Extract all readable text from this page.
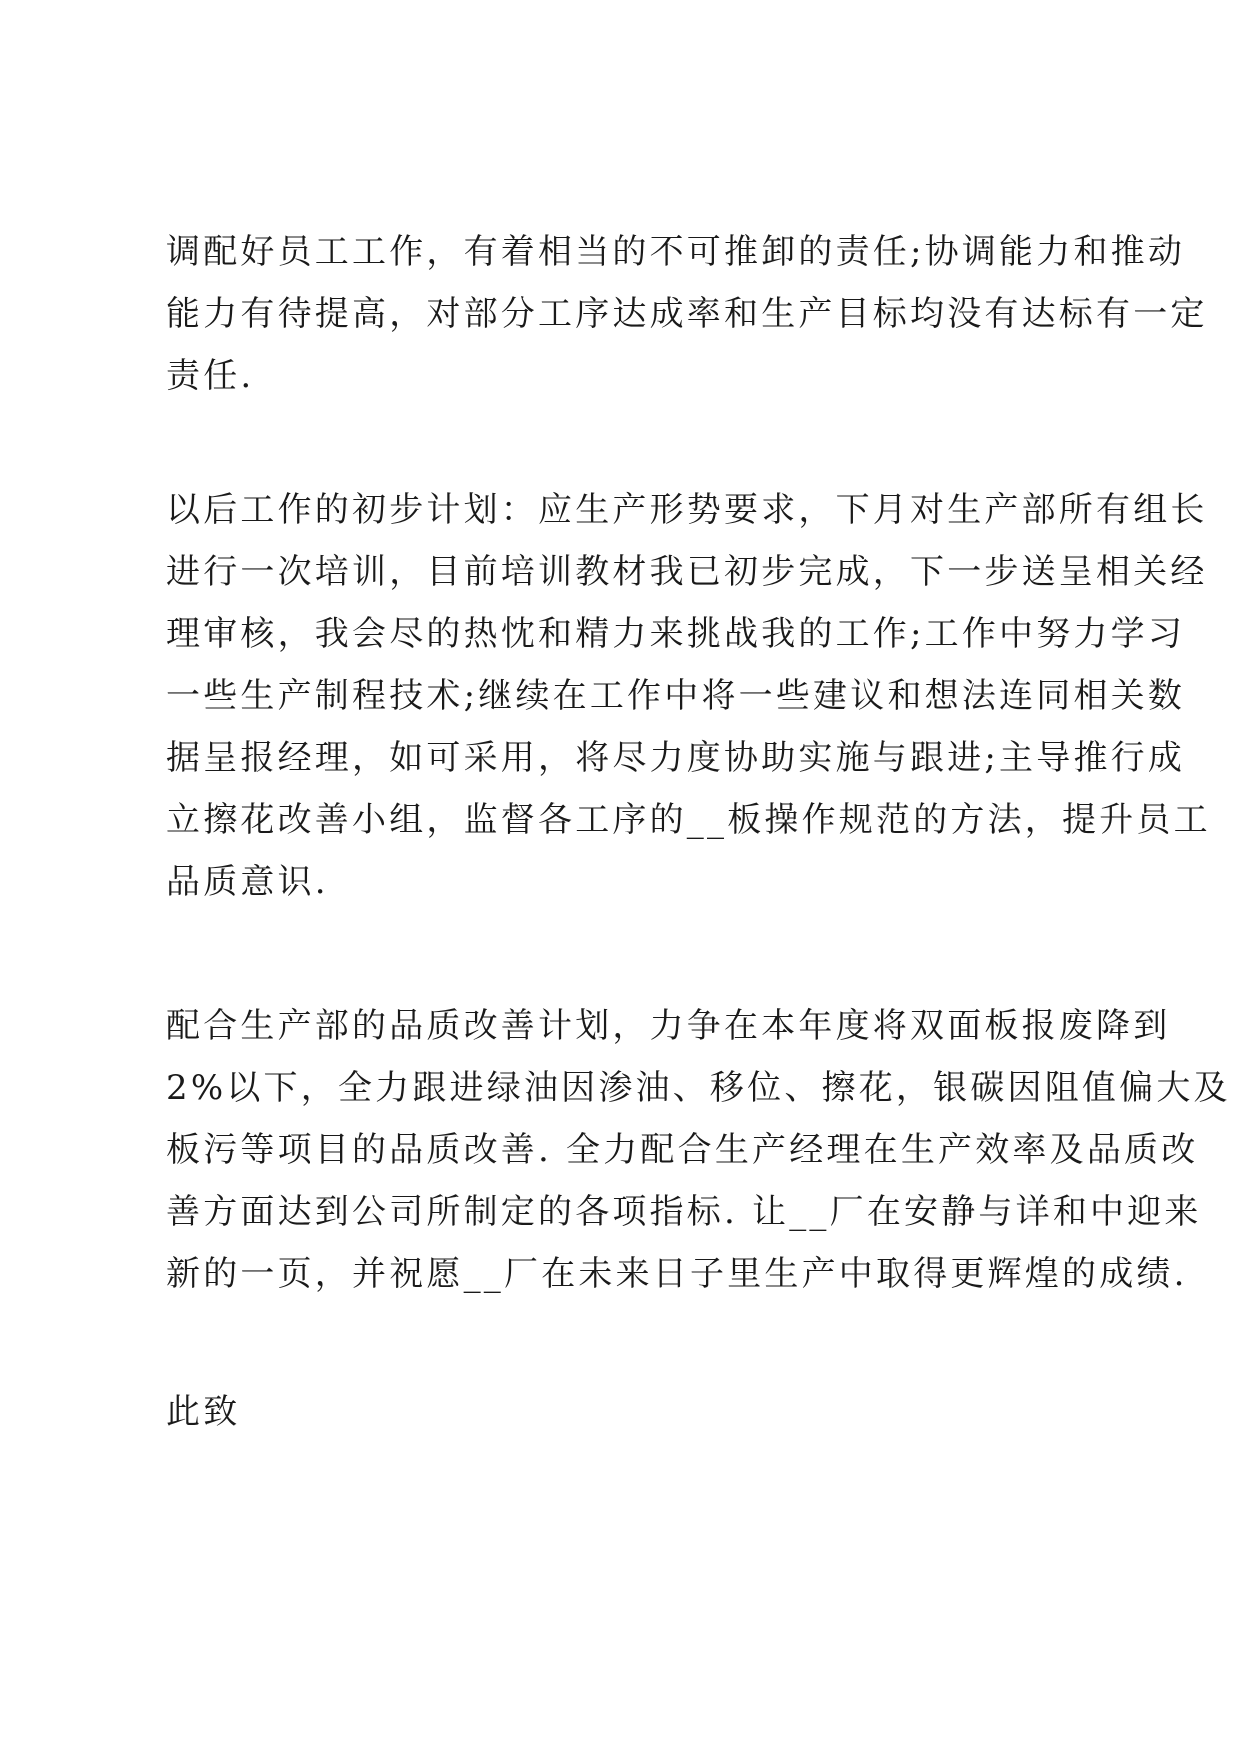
调配好员工工作，有着相当的不可推卸的责任;协调能力和推动
能力有待提高，对部分工序达成率和生产目标均没有达标有一定
责任.
以后工作的初步计划：应生产形势要求，下月对生产部所有组长
进行一次培训，目前培训教材我已初步完成，下一步送呈相关经
理审核，我会尽的热忱和精力来挑战我的工作;工作中努力学习
一些生产制程技术;继续在工作中将一些建议和想法连同相关数
据呈报经理，如可采用，将尽力度协助实施与跟进;主导推行成
立擦花改善小组，监督各工序的__板操作规范的方法，提升员工
品质意识.
配合生产部的品质改善计划，力争在本年度将双面板报废降到
2%以下，全力跟进绿油因渗油、移位、擦花，银碳因阻值偏大及
板污等项目的品质改善. 全力配合生产经理在生产效率及品质改
善方面达到公司所制定的各项指标. 让__厂在安静与详和中迎来
新的一页，并祝愿__厂在未来日子里生产中取得更辉煌的成绩.
此致
